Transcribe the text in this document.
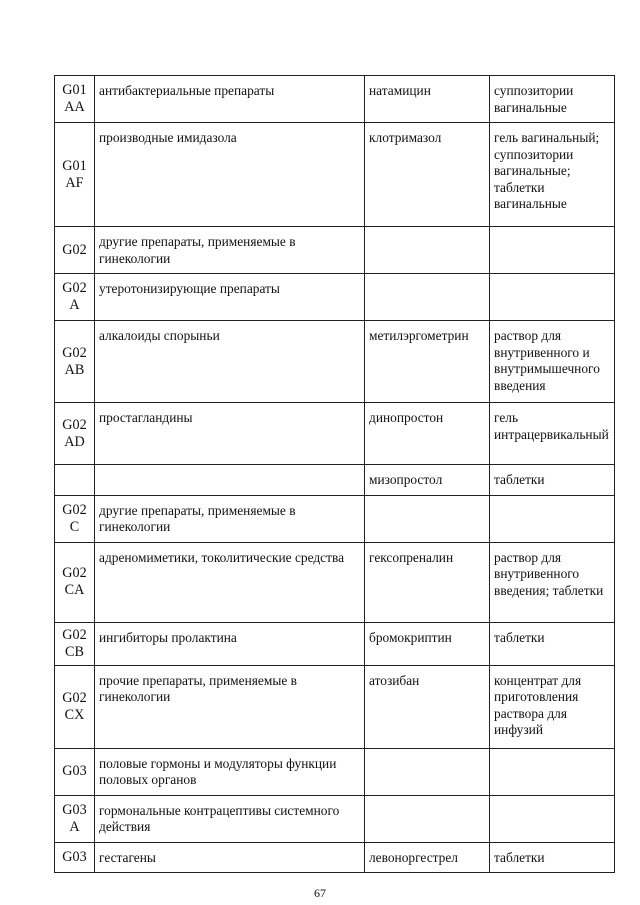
G01 AA	антибактериальные препараты	натамицин	суппозитории вагинальные
G01 AF	производные имидазола	клотримазол	гель вагинальный; суппозитории вагинальные; таблетки вагинальные
G02	другие препараты, применяемые в гинекологии		
G02 A	утеротонизирующие препараты		
G02 AB	алкалоиды спорыньи	метилэргометрин	раствор для внутривенного и внутримышечного введения
G02 AD	простагландины	динопростон	гель интрацервикальный
		мизопростол	таблетки
G02 C	другие препараты, применяемые в гинекологии		
G02 CA	адреномиметики, токолитические средства	гексопреналин	раствор для внутривенного введения; таблетки
G02 CB	ингибиторы пролактина	бромокриптин	таблетки
G02 CX	прочие препараты, применяемые в гинекологии	атозибан	концентрат для приготовления раствора для инфузий
G03	половые гормоны и модуляторы функции половых органов		
G03 A	гормональные контрацептивы системного действия		
G03	гестагены	левоноргестрел	таблетки
67
